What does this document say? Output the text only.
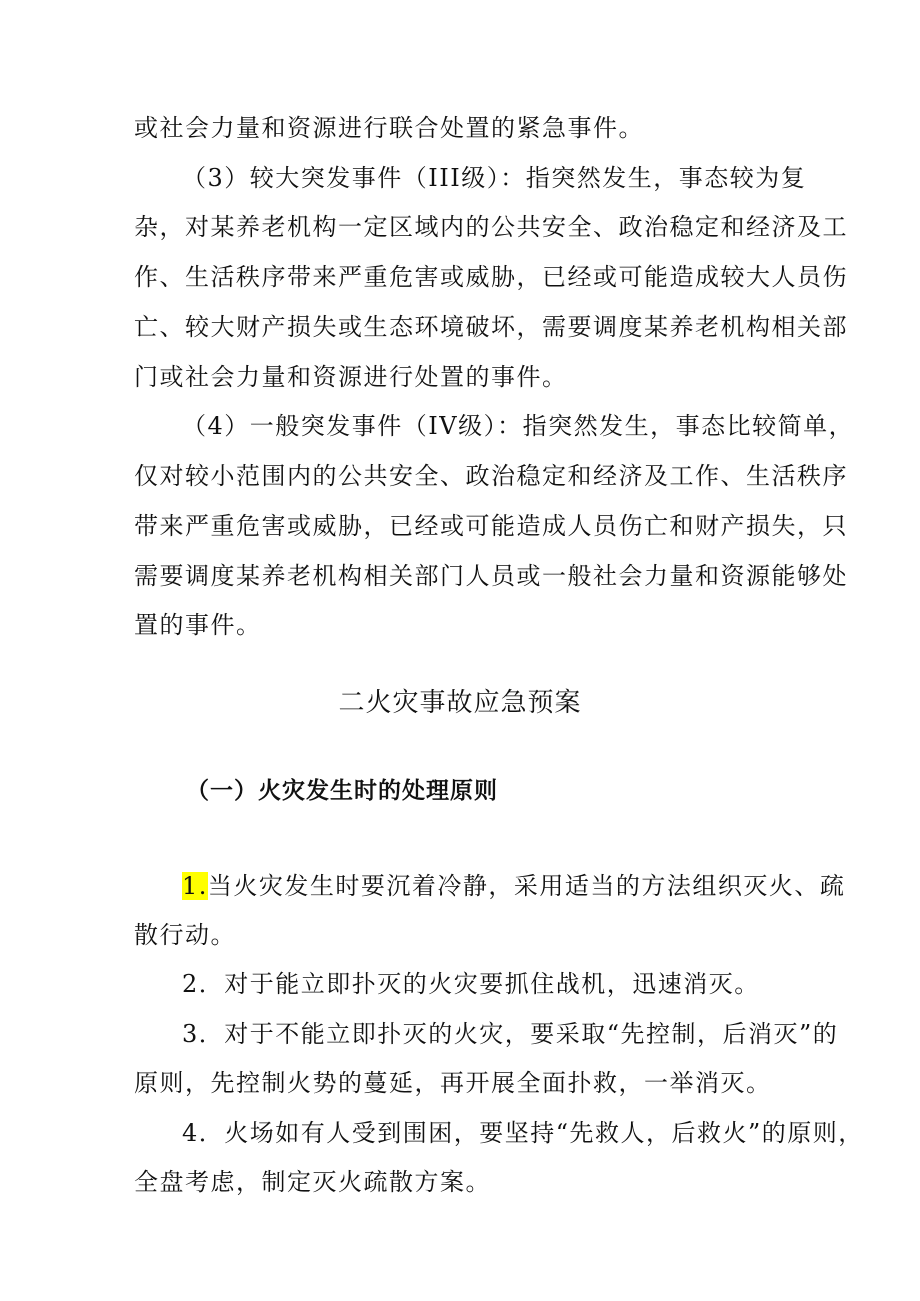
或社会力量和资源进行联合处置的紧急事件。
（3）较大突发事件（III级）：指突然发生，事态较为复
杂，对某养老机构一定区域内的公共安全、政治稳定和经济及工
作、生活秩序带来严重危害或威胁，已经或可能造成较大人员伤
亡、较大财产损失或生态环境破坏，需要调度某养老机构相关部
门或社会力量和资源进行处置的事件。
（4）一般突发事件（IV级）：指突然发生，事态比较简单，
仅对较小范围内的公共安全、政治稳定和经济及工作、生活秩序
带来严重危害或威胁，已经或可能造成人员伤亡和财产损失，只
需要调度某养老机构相关部门人员或一般社会力量和资源能够处
置的事件。
二火灾事故应急预案
（一）火灾发生时的处理原则
1.当火灾发生时要沉着冷静，采用适当的方法组织灭火、疏
散行动。
2．对于能立即扑灭的火灾要抓住战机，迅速消灭。
3．对于不能立即扑灭的火灾，要采取“先控制，后消灭”的
原则，先控制火势的蔓延，再开展全面扑救，一举消灭。
4．火场如有人受到围困，要坚持“先救人，后救火”的原则，
全盘考虑，制定灭火疏散方案。
